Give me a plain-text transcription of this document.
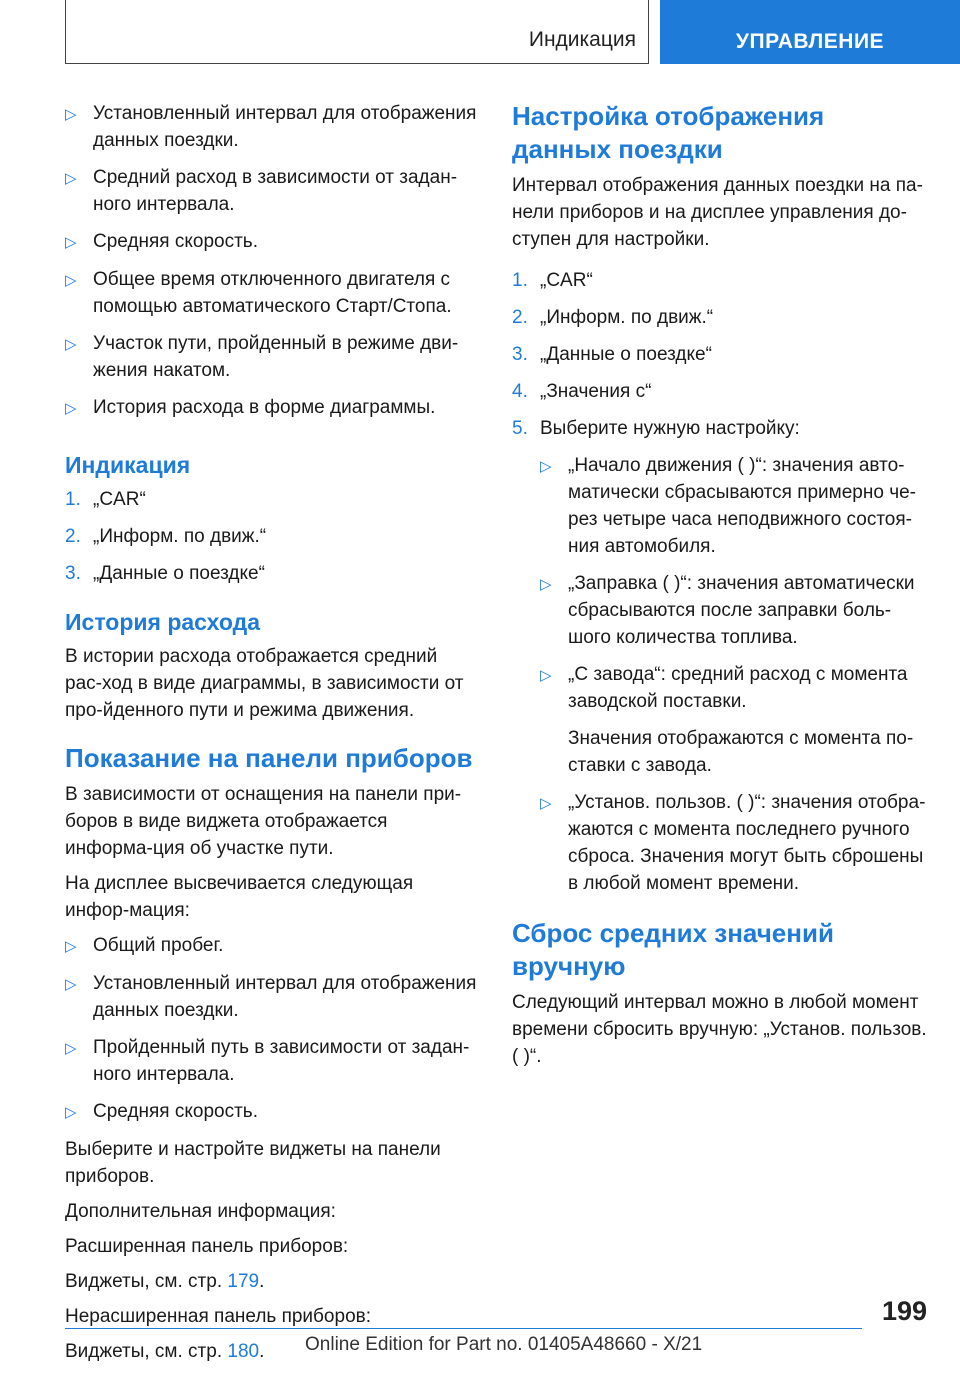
Индикация	УПРАВЛЕНИЕ
▷ Установленный интервал для отображения данных поездки.
▷ Средний расход в зависимости от задан-ного интервала.
▷ Средняя скорость.
▷ Общее время отключенного двигателя с помощью автоматического Старт/Стопа.
▷ Участок пути, пройденный в режиме дви-жения накатом.
▷ История расхода в форме диаграммы.
Индикация
1. „CAR“
2. „Информ. по движ.“
3. „Данные о поездке“
История расхода

В истории расхода отображается средний рас-ход в виде диаграммы, в зависимости от про-йденного пути и режима движения.

Показание на панели приборов

В зависимости от оснащения на панели при-боров в виде виджета отображается информа-ция об участке пути.

На дисплее высвечивается следующая инфор-мация:

▷ Общий пробег.
▷ Установленный интервал для отображения данных поездки.
▷ Пройденный путь в зависимости от задан-ного интервала.
▷ Средняя скорость.

Выберите и настройте виджеты на панели приборов.

Дополнительная информация:

Расширенная панель приборов:

Виджеты, см. стр. 179.

Нерасширенная панель приборов:

Виджеты, см. стр. 180.

Настройка отображения данных поездки

Интервал отображения данных поездки на па-нели приборов и на дисплее управления до-ступен для настройки.

1. „CAR“
2. „Информ. по движ.“
3. „Данные о поездке“
4. „Значения с“
5. Выберите нужную настройку:
▷ „Начало движения ( )“: значения авто-матически сбрасываются примерно че-рез четыре часа неподвижного состоя-ния автомобиля.
▷ „Заправка ( )“: значения автоматически сбрасываются после заправки боль-шого количества топлива.
▷ „С завода“: средний расход с момента заводской поставки.

Значения отображаются с момента по-ставки с завода.

▷ „Установ. пользов. ( )“: значения отобра-жаются с момента последнего ручного сброса. Значения могут быть сброшены в любой момент времени.
Сброс средних значений вручную

Следующий интервал можно в любой момент времени сбросить вручную: „Установ. пользов. ( )“.

199
Online Edition for Part no. 01405A48660 - X/21
